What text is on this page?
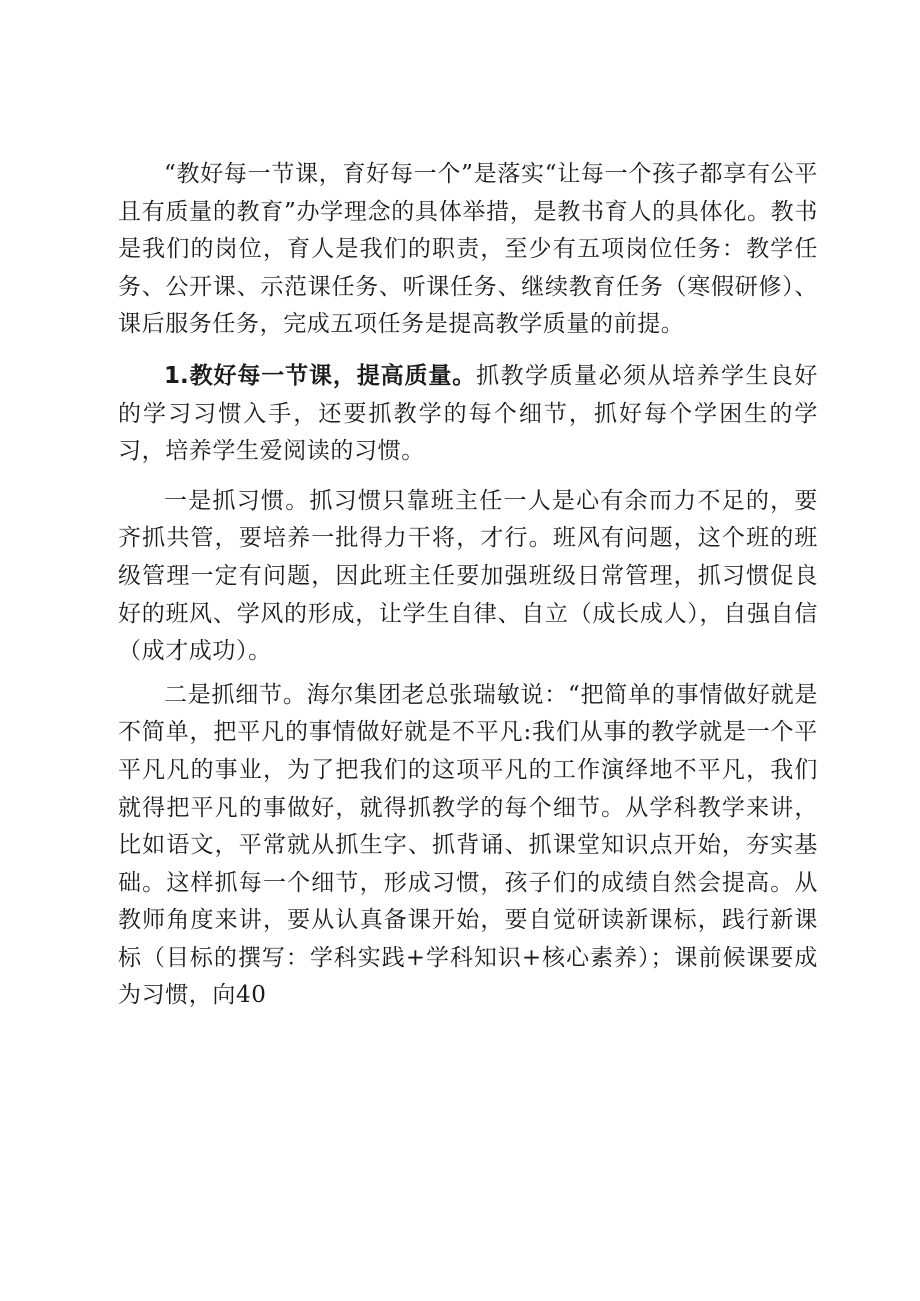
“教好每一节课，育好每一个”是落实“让每一个孩子都享有公平且有质量的教育”办学理念的具体举措，是教书育人的具体化。教书是我们的岗位，育人是我们的职责，至少有五项岗位任务：教学任务、公开课、示范课任务、听课任务、继续教育任务（寒假研修）、课后服务任务，完成五项任务是提高教学质量的前提。

1.教好每一节课，提高质量。抓教学质量必须从培养学生良好的学习习惯入手，还要抓教学的每个细节，抓好每个学困生的学习，培养学生爱阅读的习惯。

一是抓习惯。抓习惯只靠班主任一人是心有余而力不足的，要齐抓共管，要培养一批得力干将，才行。班风有问题，这个班的班级管理一定有问题，因此班主任要加强班级日常管理，抓习惯促良好的班风、学风的形成，让学生自律、自立（成长成人），自强自信（成才成功）。

二是抓细节。海尔集团老总张瑞敏说：“把简单的事情做好就是不简单，把平凡的事情做好就是不平凡:我们从事的教学就是一个平平凡凡的事业，为了把我们的这项平凡的工作演绎地不平凡，我们就得把平凡的事做好，就得抓教学的每个细节。从学科教学来讲，比如语文，平常就从抓生字、抓背诵、抓课堂知识点开始，夯实基础。这样抓每一个细节，形成习惯，孩子们的成绩自然会提高。从教师角度来讲，要从认真备课开始，要自觉研读新课标，践行新课标（目标的撰写：学科实践+学科知识+核心素养）；课前候课要成为习惯，向40
